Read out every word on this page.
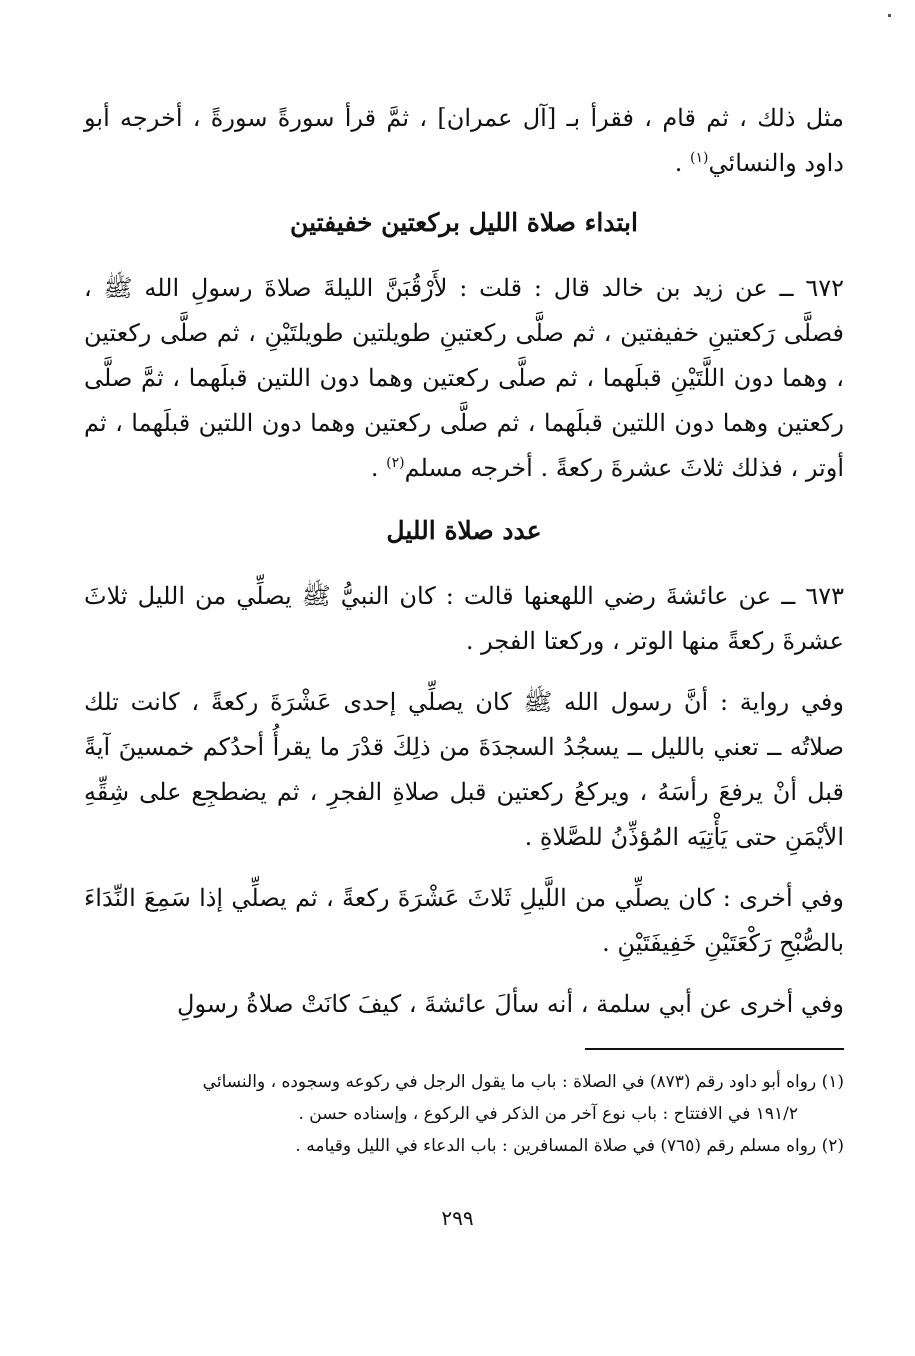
مثل ذلك ، ثم قام ، فقرأ بـ [آل عمران] ، ثمَّ قرأ سورةً سورةً ، أخرجه أبو داود والنسائي$^{(١)}$ .

ابتداء صلاة الليل بركعتين خفيفتين

٦٧٢ ــ عن زيد بن خالد قال : قلت : لأَرْقُبَنَّ الليلةَ صلاةَ رسولِ الله ﷺ ، فصلَّى رَكعتينِ خفيفتين ، ثم صلَّى ركعتينِ طويلتين طويلتَيْنِ ، ثم صلَّى ركعتين ، وهما دون اللَّتَيْنِ قبلَهما ، ثم صلَّى ركعتين وهما دون اللتين قبلَهما ، ثمَّ صلَّى ركعتين وهما دون اللتين قبلَهما ، ثم صلَّى ركعتين وهما دون اللتين قبلَهما ، ثم أوتر ، فذلك ثلاثَ عشرةَ ركعةً . أخرجه مسلم$^{(٢)}$ .

عدد صلاة الليل

٦٧٣ ــ عن عائشةَ رضي اللهعنها قالت : كان النبيُّ ﷺ يصلِّي من الليل ثلاثَ عشرةَ ركعةً منها الوتر ، وركعتا الفجر .

وفي رواية : أنَّ رسول الله ﷺ كان يصلِّي إحدى عَشْرَةَ ركعةً ، كانت تلك صلاتُه ــ تعني بالليل ــ يسجُدُ السجدَةَ من ذلِكَ قدْرَ ما يقرأُ أحدُكم خمسينَ آيةً قبل أنْ يرفعَ رأسَهُ ، ويركعُ ركعتين قبل صلاةِ الفجرِ ، ثم يضطجِع على شِقِّهِ الأيْمَنِ حتى يَأْتِيَه المُؤذِّنُ للصَّلاةِ .

وفي أخرى : كان يصلِّي من اللَّيلِ ثَلاثَ عَشْرَةَ ركعةً ، ثم يصلِّي إذا سَمِعَ النِّدَاءَ بالصُّبْحِ رَكْعَتَيْنِ خَفِيفَتَيْنِ .

وفي أخرى عن أبي سلمة ، أنه سألَ عائشةَ ، كيفَ كانَتْ صلاةُ رسولِ

(١) رواه أبو داود رقم (٨٧٣) في الصلاة : باب ما يقول الرجل في ركوعه وسجوده ، والنسائي
١٩١/٢ في الافتتاح : باب نوع آخر من الذكر في الركوع ، وإسناده حسن .
(٢) رواه مسلم رقم (٧٦٥) في صلاة المسافرين : باب الدعاء في الليل وقيامه .
٢٩٩
